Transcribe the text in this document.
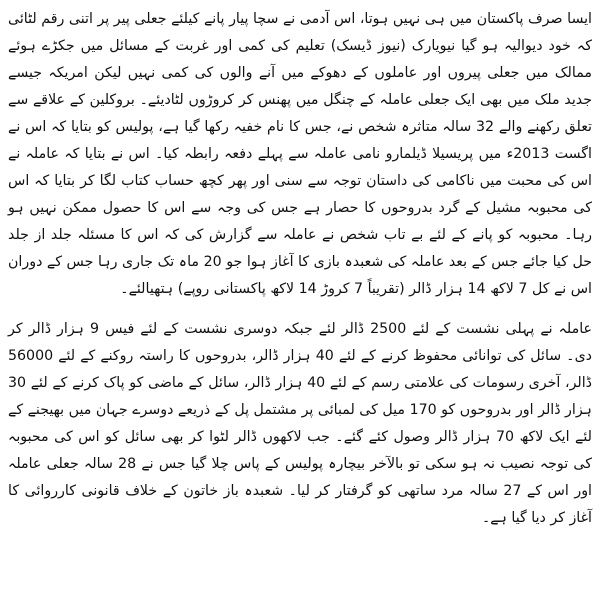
ایسا صرف پاکستان میں ہی نہیں ہوتا، اس آدمی نے سچا پیار پانے کیلئے جعلی پیر پر اتنی رقم لٹائی کہ خود دیوالیہ ہو گیا نیویارک (نیوز ڈیسک) تعلیم کی کمی اور غربت کے مسائل میں جکڑے ہوئے ممالک میں جعلی پیروں اور عاملوں کے دھوکے میں آنے والوں کی کمی نہیں لیکن امریکہ جیسے جدید ملک میں بھی ایک جعلی عاملہ کے چنگل میں پھنس کر کروڑوں لٹادیئے۔ بروکلین کے علاقے سے تعلق رکھنے والے 32 سالہ متاثرہ شخص نے، جس کا نام خفیہ رکھا گیا ہے، پولیس کو بتایا کہ اس نے اگست 2013ء میں پریسیلا ڈیلمارو نامی عاملہ سے پہلے دفعہ رابطہ کیا۔ اس نے بتایا کہ عاملہ نے اس کی محبت میں ناکامی کی داستان توجہ سے سنی اور پھر کچھ حساب کتاب لگا کر بتایا کہ اس کی محبوبہ مشیل کے گرد بدروحوں کا حصار ہے جس کی وجہ سے اس کا حصول ممکن نہیں ہو رہا۔ محبوبہ کو پانے کے لئے بے تاب شخص نے عاملہ سے گزارش کی کہ اس کا مسئلہ جلد از جلد حل کیا جائے جس کے بعد عاملہ کی شعبدہ بازی کا آغاز ہوا جو 20 ماہ تک جاری رہا جس کے دوران اس نے کل 7 لاکھ 14 ہزار ڈالر (تقریباً 7 کروڑ 14 لاکھ پاکستانی روپے) ہتھیالئے۔

عاملہ نے پہلی نشست کے لئے 2500 ڈالر لئے جبکہ دوسری نشست کے لئے فیس 9 ہزار ڈالر کر دی۔ سائل کی توانائی محفوظ کرنے کے لئے 40 ہزار ڈالر، بدروحوں کا راستہ روکنے کے لئے 56000 ڈالر، آخری رسومات کی علامتی رسم کے لئے 40 ہزار ڈالر، سائل کے ماضی کو پاک کرنے کے لئے 30 ہزار ڈالر اور بدروحوں کو 170 میل کی لمبائی پر مشتمل پل کے ذریعے دوسرے جہان میں بھیجنے کے لئے ایک لاکھ 70 ہزار ڈالر وصول کئے گئے۔ جب لاکھوں ڈالر لٹوا کر بھی سائل کو اس کی محبوبہ کی توجہ نصیب نہ ہو سکی تو بالآخر بیچارہ پولیس کے پاس چلا گیا جس نے 28 سالہ جعلی عاملہ اور اس کے 27 سالہ مرد ساتھی کو گرفتار کر لیا۔ شعبدہ باز خاتون کے خلاف قانونی کارروائی کا آغاز کر دیا گیا ہے۔
